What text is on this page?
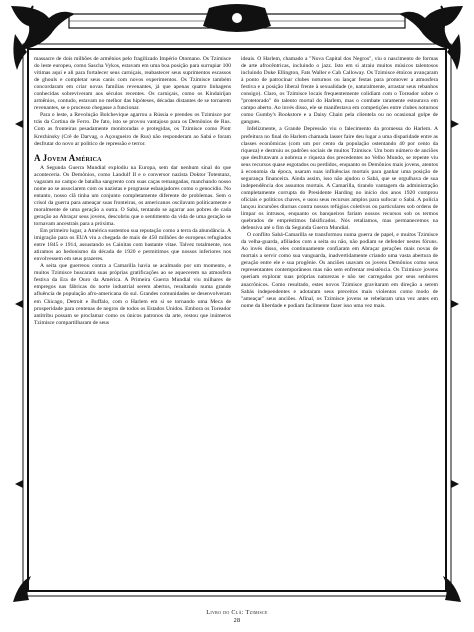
massacre de dois milhões de armênios pelo fragilizado Império Otomano. Os Tzimisce do leste europeu, como Sascha Vykos, estavam em uma boa posição para surrupiar 100 vítimas aqui e ali para fortalecer seus carniçais, reabastecer seus suprimentos escassos de ghouls e completar seus canis com novos experimentos. Os Tzimisce também concordaram em criar novas famílias revenantes, já que apenas quatro linhagens conhecidas sobreviveram aos séculos recentes. Os carniçais, como os Kindairijan armênios, contudo, estavam no melhor das hipóteses, décadas distantes de se tornarem revenantes, se o processo chegasse a funcionar.

Para o leste, a Revolução Bolchevique agarrou a Rússia e prendeu os Tzimisce por trás da Cortina de Ferro. De fato, isto se provou vantajoso para os Demônios de Rus. Com as fronteiras pesadamente monitoradas e protegidas, os Tzimisce como Piotr Krezhinsky (Crê de Darvag, o Açougueiro de Rus) não responderam ao Sabá e foram desfrutar do novo ar político de repressão e terror.

A Jovem América

A Segunda Guerra Mundial explodiu na Europa, sem dar nenhum sinal do que aconteceria. Os Demônios, como Landulf II e o conversor nazista Doktor Totentanz, vagaram no campo de batalha sangrento com suas caças remangadas, manchando nosso nome ao se associarem com os nazistas e prograsse esbanjadores como o genocídio. No entanto, nosso clã tinha um conjunto completamente diferente de problemas. Sem o crisol da guerra para ameaçar suas fronteiras, os americanos oscilavam politicamente e moralmente de uma geração a outra. O Sabá, tentando se agarrar aos pobres de cada geração ao Abraçar seus jovens, descobriu que o sentimento da vida de uma geração se tornavam ancestrais para a próxima.

Em primeiro lugar, a América sustentou sua reputação como a terra da abundância. A imigração para os EUA viu a chegada de mais de 450 milhões de europeus refugiados entre 1845 e 1914, assustando os Cainitas com bastante vitae. Talvez totalmente, nos atiramos ao hedonismo da década de 1920 e permitimos que nossos inferiores nos envolvessem em seus prazeres.

A seita que guerreou contra a Camarilla havia se acalmado por um momento, e muitos Tzimisce buscaram suas próprias gratificações ao se aquecerem na atmosfera festiva da Era de Ouro da América. A Primeira Guerra Mundial viu milhares de empregos nas fábricas do norte industrial serem abertos, resultando numa grande afluência de população afro-americana do sul. Grandes comunidades se desenvolveram em Chicago, Detroit e Buffalo, com o Harlem em si se tornando uma Meca de prosperidade para centenas de negros de todos os Estados Unidos. Embora os Toreador antitribu possam se proclamar como os únicos patronos da arte, restou que inúmeros Tzimisce compartilharam de seus

ideais. O Harlem, chamado a "Nova Capital dos Negros", viu o nascimento de formas de arte afrocêntricas, incluindo o jazz. Isto em si atraiu muitos músicos talentosos incluindo Duke Ellington, Fats Waller e Cab Calloway. Os Tzimisce étnicos avançaram à ponto de patrocinar clubes noturnos ou lançar festas para promover a atmosfera festiva e a posição liberal frente à sexualidade (e, naturalmente, arrastar seus rebanhos consigo). Claro, os Tzimisce locais frequentemente colidiam com o Toreador sobre o "protetorado" do talento mortal do Harlem, mas o combate raramente estourava em campo aberto. Ao invés disso, ele se manifestava em competições entre clubes noturnos como Gumby's Bookstore e a Daisy Chain pela clientela ou no ocasional golpe de gangues.

Infelizmente, a Grande Depressão viu o falecimento da promessa do Harlem. A prefeitura no final do Harlem chamada lasser faire deu lugar a uma disparidade entre as classes econômicas (com um por cento da população ostentando 40 por cento da riqueza) e destruiu os padrões sociais de muitos Tzimisce. Um bom número de anciões que desfrutavam a nobreza e riqueza dos precedentes no Velho Mundo, se repente viu seus recursos quase esgotados ou perdidos, enquanto os Demônios mais jovens, atentos à economia da época, usaram suas influências mortais para ganhar uma posição de segurança financeira. Ainda assim, isso não ajudou o Sabá, que se orgulhava de sua independência dos assuntos mortais. A Camarilla, tirando vantagem da administração completamente corrupta do Presidente Harding no início dos anos 1920 comprou oficiais e políticos chaves, e usou seus recursos amplos para sufocar o Sabá. A polícia lançou incursões diurnas contra nossos refúgios coletivos ou particulares sob ordens de limpar os intrusos, enquanto os banqueiros fariam nossos recursos sob os termos quebrados de empréstimos falsificados. Nós retaliamos, mas permanecemos na defensiva até o fim da Segunda Guerra Mundial.

O conflito Sabá-Camarilla se transformou numa guerra de papel, e muitos Tzimisce da velha-guarda, afiliados com a seita ou não, não podiam se defender nestes fóruns. Ao invés disso, eles continuamente confiaram em Abraçar gerações mais novas de mortais a servir como sua vanguarda, inadvertidamente criando uma vasta abertura de geração entre ele e sua progênie. Os anciões usavam os jovens Demônios como seus representantes contemporâneos mas não sem enfrentar resistência. Os Tzimisce jovens queriam explorar suas próprias naturezas e não ser carregados por seus senhores anacrônicos. Como resultado, estes novos Tzimisce gravitaram em direção a serem Sabás independentes e adotaram seus preceitos mais violentos como modo de "ameaçar" seus anciões. Afinal, os Tzimisce jovens se rebelaram uma vez antes em nome da liberdade e podiam facilmente fazer isso uma vez mais.

Livro do Clã: Tzimisce
28
